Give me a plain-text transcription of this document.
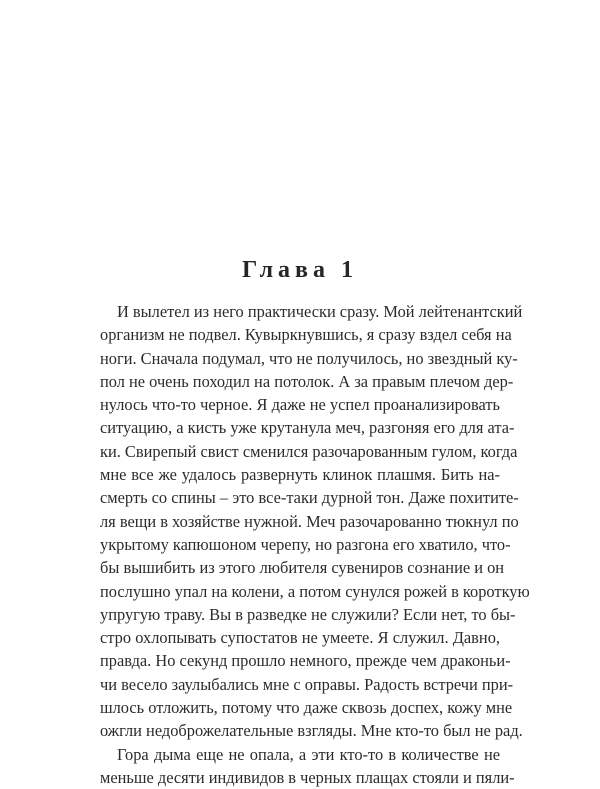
Глава 1
И вылетел из него практически сразу. Мой лейтенантский
организм не подвел. Кувыркнувшись, я сразу вздел себя на
ноги. Сначала подумал, что не получилось, но звездный ку-
пол не очень походил на потолок. А за правым плечом дер-
нулось что-то черное. Я даже не успел проанализировать
ситуацию, а кисть уже крутанула меч, разгоняя его для ата-
ки. Свирепый свист сменился разочарованным гулом, когда
мне все же удалось развернуть клинок плашмя. Бить на-
смерть со спины – это все-таки дурной тон. Даже похитите-
ля вещи в хозяйстве нужной. Меч разочарованно тюкнул по
укрытому капюшоном черепу, но разгона его хватило, что-
бы вышибить из этого любителя сувениров сознание и он
послушно упал на колени, а потом сунулся рожей в короткую
упругую траву. Вы в разведке не служили? Если нет, то бы-
стро охлопывать супостатов не умеете. Я служил. Давно,
правда. Но секунд прошло немного, прежде чем драконьи-
чи весело заулыбались мне с оправы. Радость встречи при-
шлось отложить, потому что даже сквозь доспех, кожу мне
ожгли недоброжелательные взгляды. Мне кто-то был не рад.
Гора дыма еще не опала, а эти кто-то в количестве не
меньше десяти индивидов в черных плащах стояли и пяли-
